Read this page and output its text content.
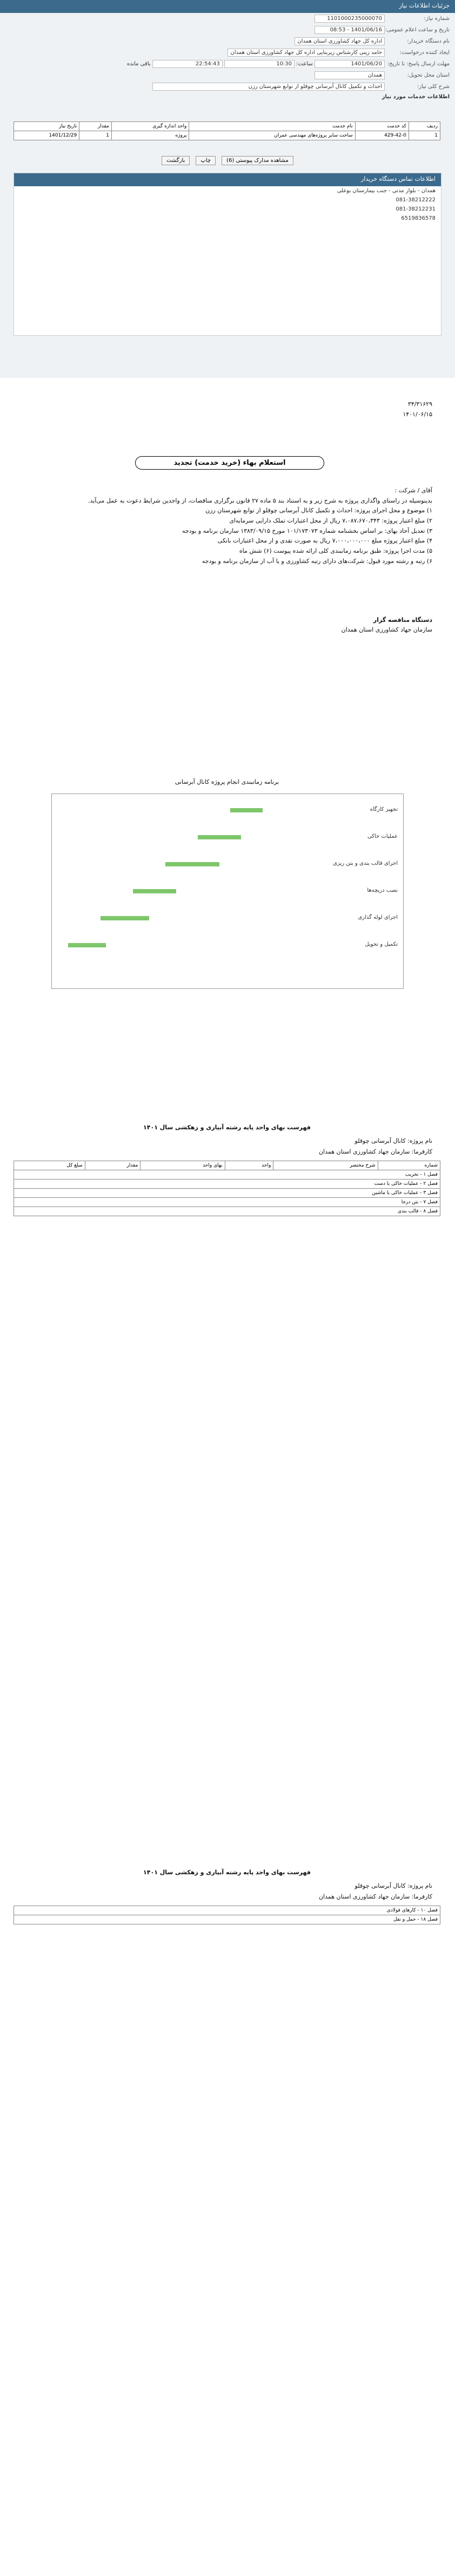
جزئیات اطلاعات نیاز
شماره نیاز:1101000235000070
تاریخ و ساعت اعلام عمومی:1401/06/16 - 08:53
نام دستگاه خریدار:اداره کل جهاد کشاورزی استان همدان
ایجاد کننده درخواست:حامد زینی کارشناس زیربنایی اداره کل جهاد کشاورزی استان همدان
مهلت ارسال پاسخ: تا تاریخ:1401/06/20 ساعت: 10:30 22:54:43 باقی مانده
استان محل تحویل:همدان
شرح کلی نیاز:احداث و تکمیل کانال آبرسانی چوقلو از توابع شهرستان رزن
اطلاعات خدمات مورد نیاز
ردیف	کد خدمت	نام خدمت	واحد اندازه گیری	مقدار	تاریخ نیاز
1	429-42-0	ساخت سایر پروژه‌های مهندسی عمران	پروژه	1	1401/12/29
بازگشت	چاپ	مشاهده مدارک پیوستی (6)
اطلاعات تماس دستگاه خریدار
همدان - بلوار مدنی - جنب بیمارستان بوعلی
081-38212222
081-38212231
6519836578
۳۴/۳۱۶۲۹
۱۴۰۱/۰۶/۱۵
استعلام بهاء (خرید خدمت) تجدید
آقای / شرکت :
بدینوسیله در راستای واگذاری پروژه به شرح زیر و به استناد بند ۵ ماده ۲۷ قانون برگزاری مناقصات، از واجدین شرایط دعوت به عمل می‌آید.
۱) موضوع و محل اجرای پروژه: احداث و تکمیل کانال آبرسانی چوقلو از توابع شهرستان رزن
۲) مبلغ اعتبار پروژه: ۷،۰۸۷،۶۷۰،۳۴۳ ریال از محل اعتبارات تملک دارایی سرمایه‌ای
۳) تعدیل آحاد بهای: بر اساس بخشنامه شماره ۱۰۱/۱۷۳۰۷۳ مورخ ۱۳۸۳/۰۹/۱۵ سازمان برنامه و بودجه
۴) مبلغ اعتبار پروژه مبلغ ۷،۰۰۰،۰۰۰،۰۰۰ ریال به صورت نقدی و از محل اعتبارات بانکی
۵) مدت اجرا پروژه: طبق برنامه زمانبندی کلی ارائه شده پیوست (۶) شش ماه
۶) رتبه و رشته مورد قبول: شرکت‌های دارای رتبه کشاورزی و یا آب از سازمان برنامه و بودجه
دستگاه مناقصه گزار
سازمان جهاد کشاورزی استان همدان
برنامه زمانبندی انجام پروژه کانال آبرسانی
تجهیز کارگاه
عملیات خاکی
اجرای قالب بندی و بتن ریزی
نصب دریچه‌ها
اجرای لوله گذاری
تکمیل و تحویل
فهرست بهای واحد پایه رشته آبیاری و زهکشی سال ۱۴۰۱
نام پروژه: کانال آبرسانی چوقلو
کارفرما: سازمان جهاد کشاورزی استان همدان
شماره	شرح مختصر	واحد	بهای واحد	مقدار	مبلغ کل
فصل ۱ - تخریب
فصل ۲ - عملیات خاکی با دست
فصل ۳ - عملیات خاکی با ماشین
فصل ۷ - بتن درجا
فصل ۸ - قالب بندی
فهرست بهای واحد پایه رشته آبیاری و زهکشی سال ۱۴۰۱
نام پروژه: کانال آبرسانی چوقلو
کارفرما: سازمان جهاد کشاورزی استان همدان
فصل ۱۰ - کارهای فولادی
فصل ۱۸ - حمل و نقل
